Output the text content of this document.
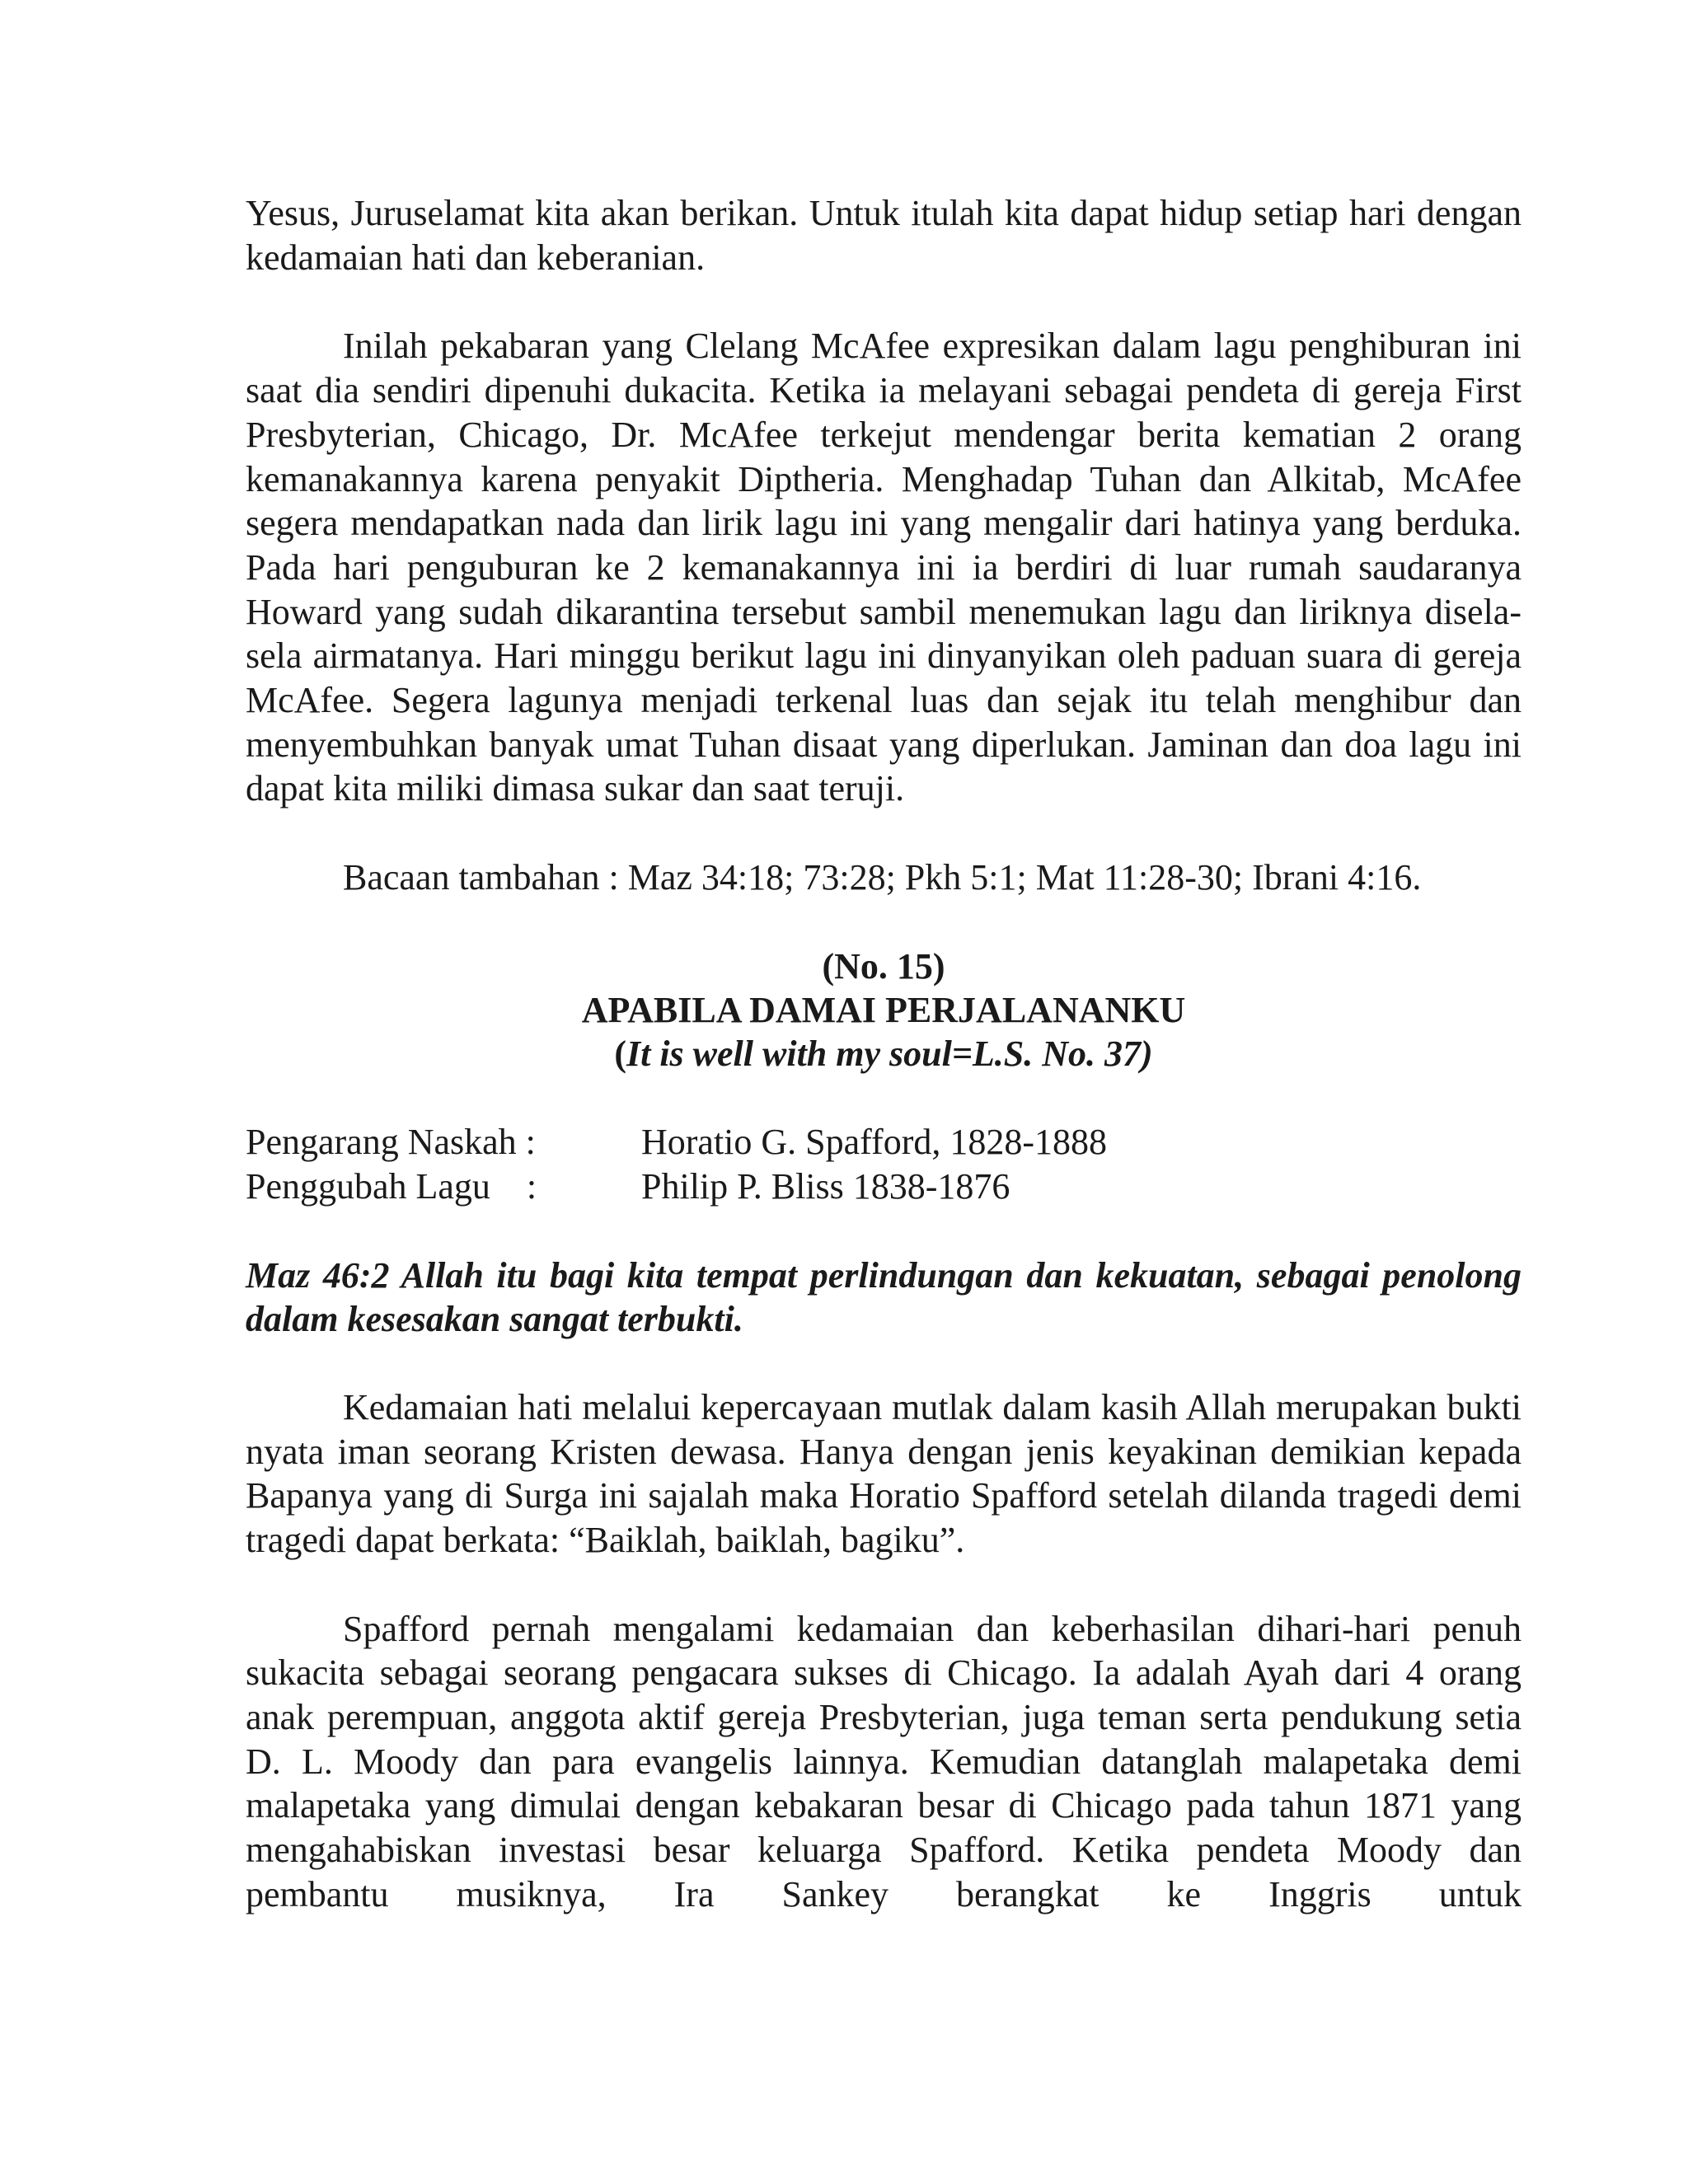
Yesus, Juruselamat kita akan berikan. Untuk itulah kita dapat hidup setiap hari dengan kedamaian hati dan keberanian.

Inilah pekabaran yang Clelang McAfee expresikan dalam lagu penghiburan ini saat dia sendiri dipenuhi dukacita. Ketika ia melayani sebagai pendeta di gereja First Presbyterian, Chicago, Dr. McAfee terkejut mendengar berita kematian 2 orang kemanakannya karena penyakit Diptheria. Menghadap Tuhan dan Alkitab, McAfee segera mendapatkan nada dan lirik lagu ini yang mengalir dari hatinya yang berduka. Pada hari penguburan ke 2 kemanakannya ini ia berdiri di luar rumah saudaranya Howard yang sudah dikarantina tersebut sambil menemukan lagu dan liriknya disela-sela airmatanya. Hari minggu berikut lagu ini dinyanyikan oleh paduan suara di gereja McAfee. Segera lagunya menjadi terkenal luas dan sejak itu telah menghibur dan menyembuhkan banyak umat Tuhan disaat yang diperlukan. Jaminan dan doa lagu ini dapat kita miliki dimasa sukar dan saat teruji.

Bacaan tambahan : Maz 34:18; 73:28; Pkh 5:1; Mat 11:28-30; Ibrani 4:16.

(No. 15)
APABILA DAMAI PERJALANANKU
(It is well with my soul=L.S. No. 37)
Pengarang Naskah :	Horatio G. Spafford, 1828-1888
Penggubah Lagu    :	Philip P. Bliss 1838-1876

Maz 46:2 Allah itu bagi kita tempat perlindungan dan kekuatan, sebagai penolong dalam kesesakan sangat terbukti.

Kedamaian hati melalui kepercayaan mutlak dalam kasih Allah merupakan bukti nyata iman seorang Kristen dewasa. Hanya dengan jenis keyakinan demikian kepada Bapanya yang di Surga ini sajalah maka Horatio Spafford setelah dilanda tragedi demi tragedi dapat berkata: “Baiklah, baiklah, bagiku”.

Spafford pernah mengalami kedamaian dan keberhasilan dihari-hari penuh sukacita sebagai seorang pengacara sukses di Chicago. Ia adalah Ayah dari 4 orang anak perempuan, anggota aktif gereja Presbyterian, juga teman serta pendukung setia D. L. Moody dan para evangelis lainnya. Kemudian datanglah malapetaka demi malapetaka yang dimulai dengan kebakaran besar di Chicago pada tahun 1871 yang mengahabiskan investasi besar keluarga Spafford. Ketika pendeta Moody dan pembantu musiknya, Ira Sankey berangkat ke Inggris untuk
